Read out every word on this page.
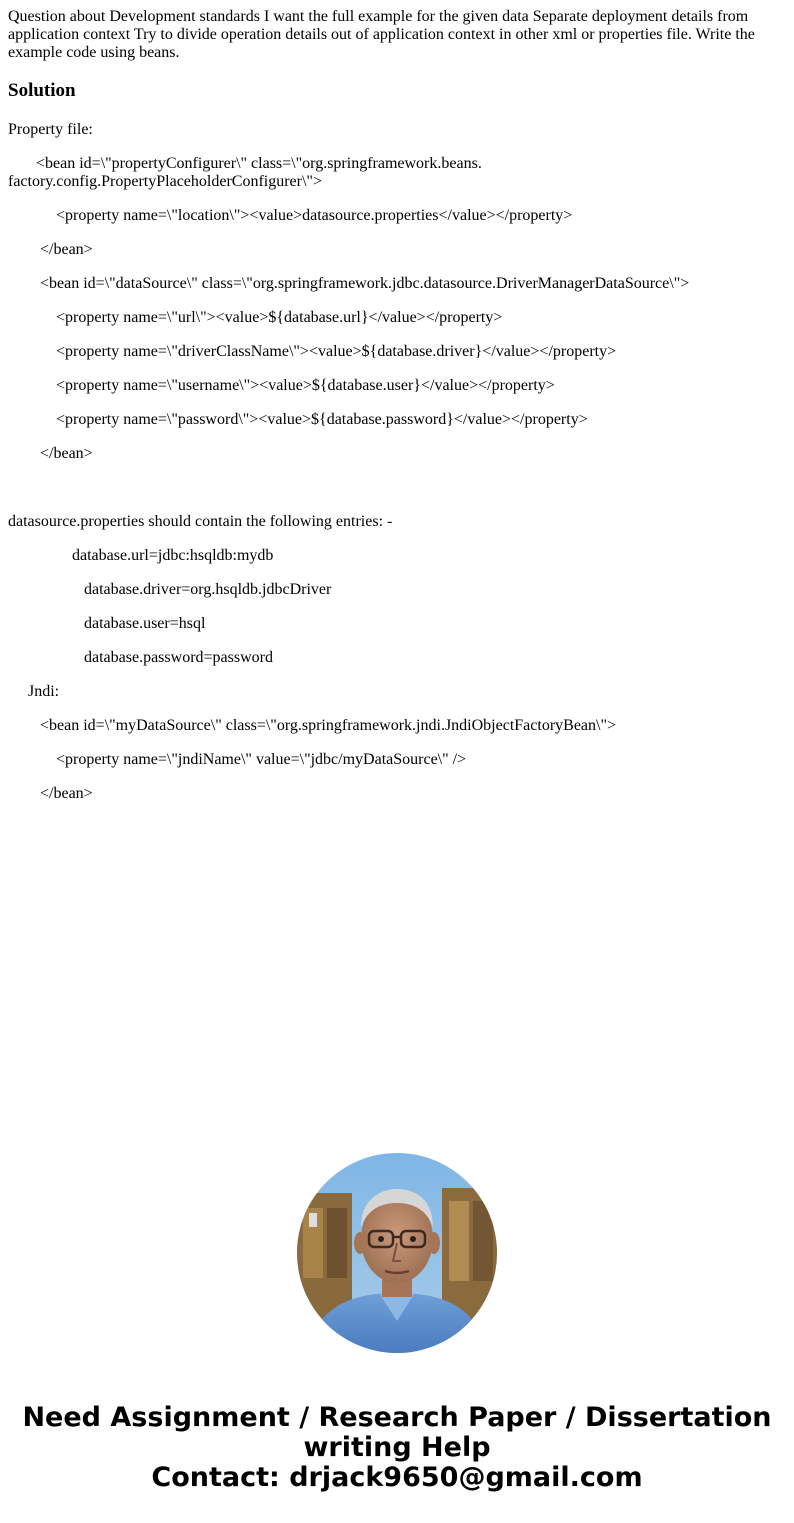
Question about Development standards I want the full example for the given data Separate deployment details from application context Try to divide operation details out of application context in other xml or properties file. Write the example code using beans.

Solution

Property file:

<bean id=\"propertyConfigurer\" class=\"org.springframework.beans.

factory.config.PropertyPlaceholderConfigurer\">

<property name=\"location\"><value>datasource.properties</value></property>

</bean>

<bean id=\"dataSource\" class=\"org.springframework.jdbc.datasource.DriverManagerDataSource\">

<property name=\"url\"><value>${database.url}</value></property>

<property name=\"driverClassName\"><value>${database.driver}</value></property>

<property name=\"username\"><value>${database.user}</value></property>

<property name=\"password\"><value>${database.password}</value></property>

</bean>

datasource.properties should contain the following entries: -

database.url=jdbc:hsqldb:mydb

database.driver=org.hsqldb.jdbcDriver

database.user=hsql

database.password=password

Jndi:

<bean id=\"myDataSource\" class=\"org.springframework.jndi.JndiObjectFactoryBean\">

<property name=\"jndiName\" value=\"jdbc/myDataSource\" />

</bean>

Need Assignment / Research Paper / Dissertation
writing Help
Contact: drjack9650@gmail.com
